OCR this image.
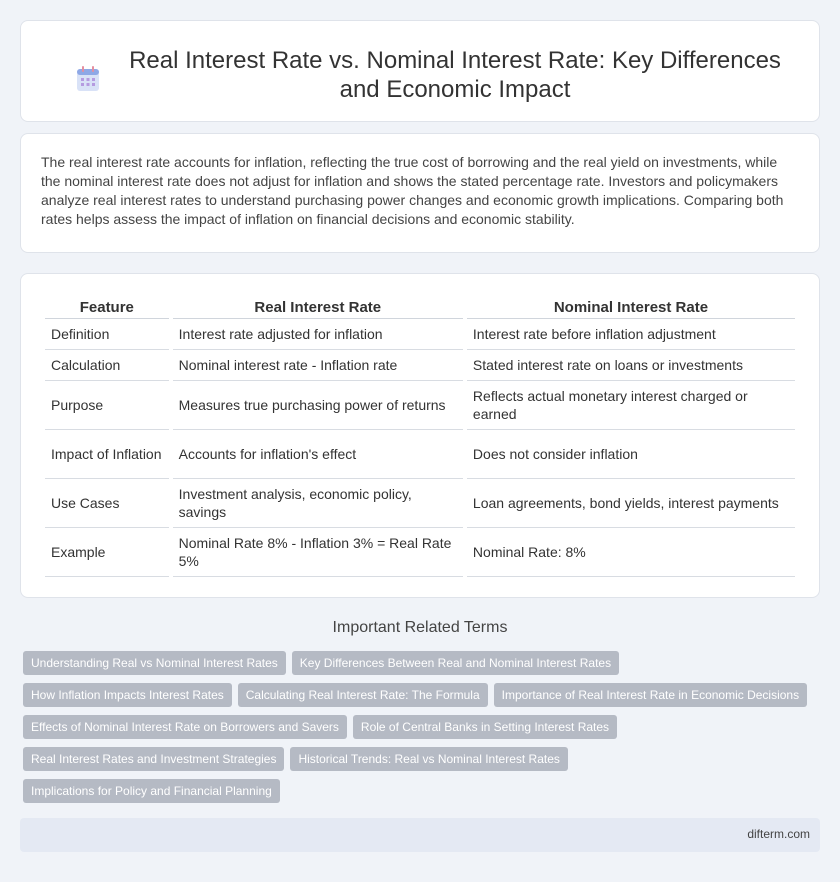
Real Interest Rate vs. Nominal Interest Rate: Key Differences and Economic Impact

The real interest rate accounts for inflation, reflecting the true cost of borrowing and the real yield on investments, while the nominal interest rate does not adjust for inflation and shows the stated percentage rate. Investors and policymakers analyze real interest rates to understand purchasing power changes and economic growth implications. Comparing both rates helps assess the impact of inflation on financial decisions and economic stability.

Feature	Real Interest Rate	Nominal Interest Rate
Definition	Interest rate adjusted for inflation	Interest rate before inflation adjustment
Calculation	Nominal interest rate - Inflation rate	Stated interest rate on loans or investments
Purpose	Measures true purchasing power of returns	Reflects actual monetary interest charged or earned
Impact of Inflation	Accounts for inflation's effect	Does not consider inflation
Use Cases	Investment analysis, economic policy, savings	Loan agreements, bond yields, interest payments
Example	Nominal Rate 8% - Inflation 3% = Real Rate 5%	Nominal Rate: 8%
Important Related Terms
Understanding Real vs Nominal Interest Rates	Key Differences Between Real and Nominal Interest Rates
How Inflation Impacts Interest Rates	Calculating Real Interest Rate: The Formula	Importance of Real Interest Rate in Economic Decisions
Effects of Nominal Interest Rate on Borrowers and Savers	Role of Central Banks in Setting Interest Rates
Real Interest Rates and Investment Strategies	Historical Trends: Real vs Nominal Interest Rates
Implications for Policy and Financial Planning
difterm.com
